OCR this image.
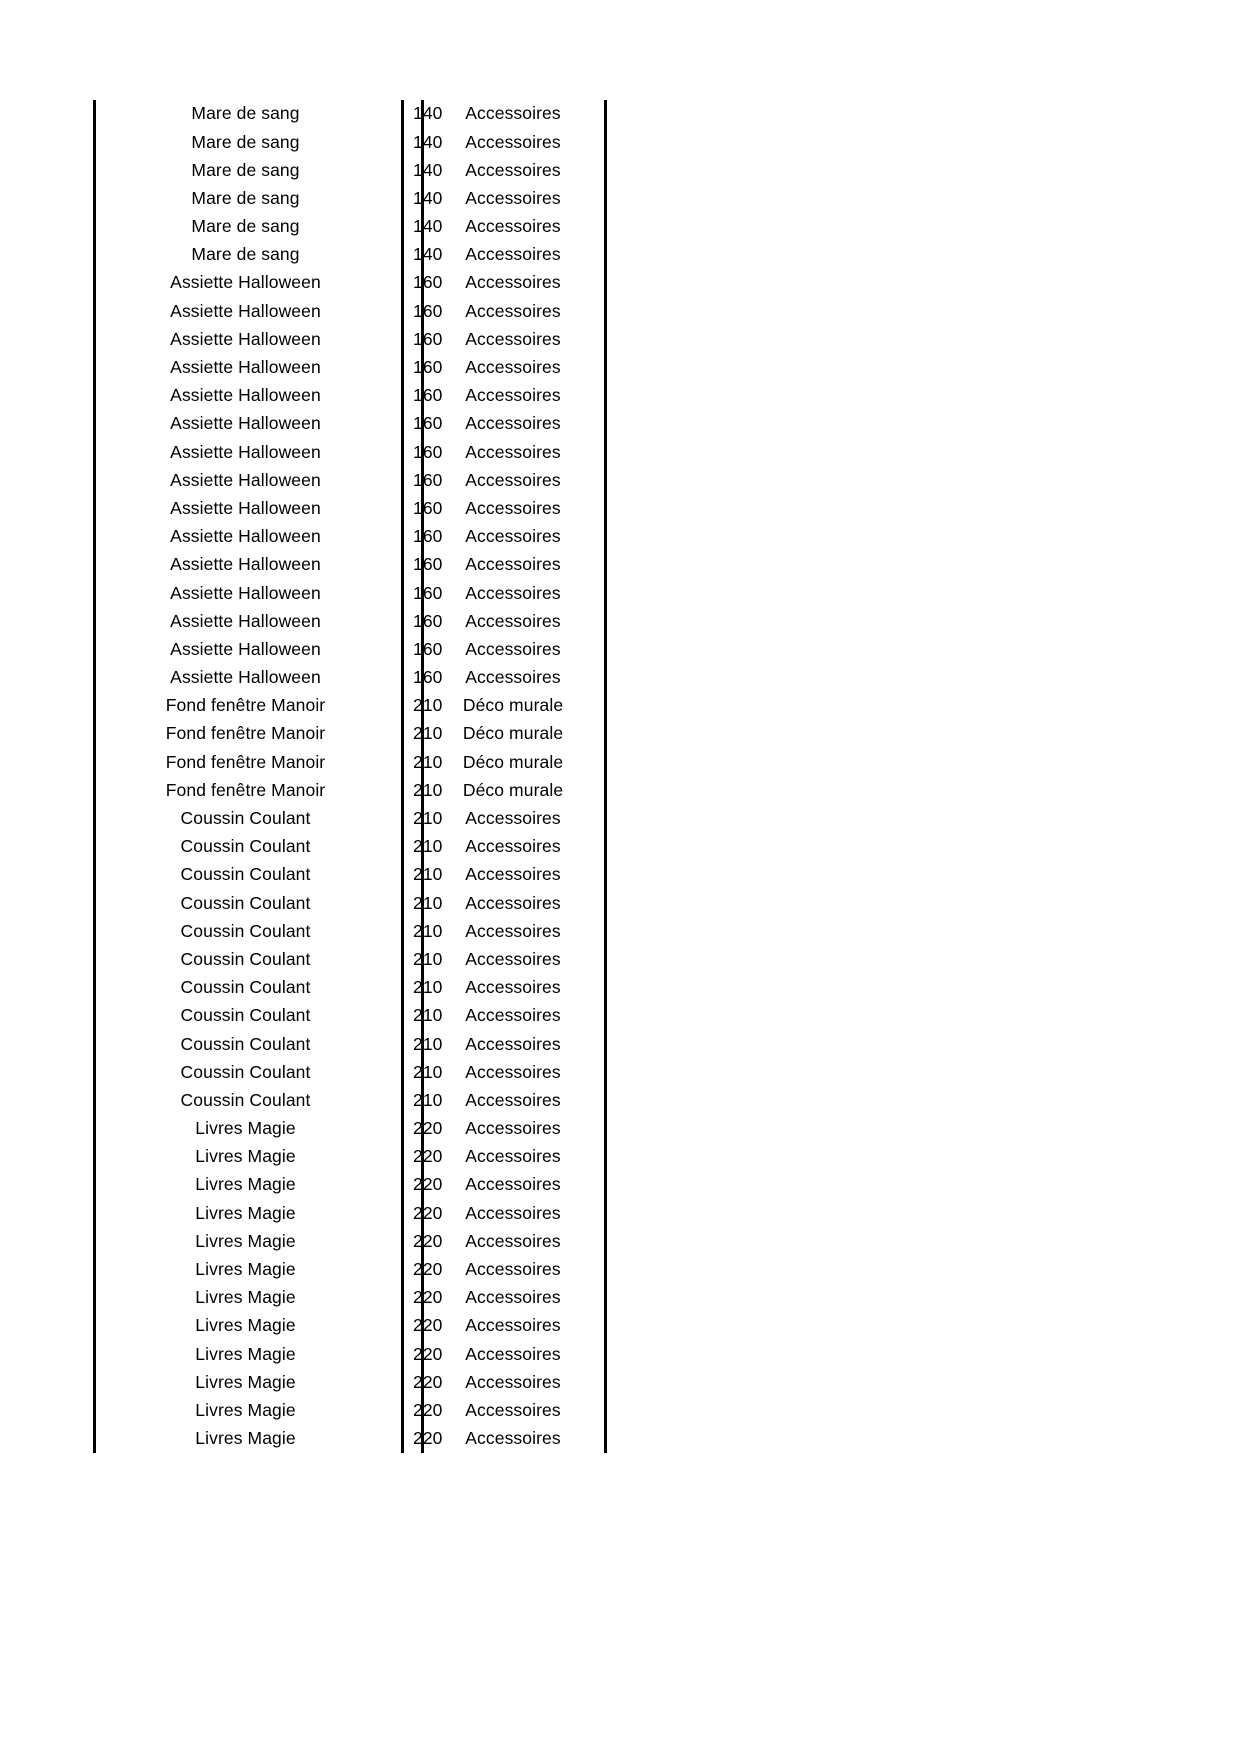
Mare de sang	140	Accessoires
Mare de sang	140	Accessoires
Mare de sang	140	Accessoires
Mare de sang	140	Accessoires
Mare de sang	140	Accessoires
Mare de sang	140	Accessoires
Assiette Halloween	160	Accessoires
Assiette Halloween	160	Accessoires
Assiette Halloween	160	Accessoires
Assiette Halloween	160	Accessoires
Assiette Halloween	160	Accessoires
Assiette Halloween	160	Accessoires
Assiette Halloween	160	Accessoires
Assiette Halloween	160	Accessoires
Assiette Halloween	160	Accessoires
Assiette Halloween	160	Accessoires
Assiette Halloween	160	Accessoires
Assiette Halloween	160	Accessoires
Assiette Halloween	160	Accessoires
Assiette Halloween	160	Accessoires
Assiette Halloween	160	Accessoires
Fond fenêtre Manoir	210	Déco murale
Fond fenêtre Manoir	210	Déco murale
Fond fenêtre Manoir	210	Déco murale
Fond fenêtre Manoir	210	Déco murale
Coussin Coulant	210	Accessoires
Coussin Coulant	210	Accessoires
Coussin Coulant	210	Accessoires
Coussin Coulant	210	Accessoires
Coussin Coulant	210	Accessoires
Coussin Coulant	210	Accessoires
Coussin Coulant	210	Accessoires
Coussin Coulant	210	Accessoires
Coussin Coulant	210	Accessoires
Coussin Coulant	210	Accessoires
Coussin Coulant	210	Accessoires
Livres Magie	220	Accessoires
Livres Magie	220	Accessoires
Livres Magie	220	Accessoires
Livres Magie	220	Accessoires
Livres Magie	220	Accessoires
Livres Magie	220	Accessoires
Livres Magie	220	Accessoires
Livres Magie	220	Accessoires
Livres Magie	220	Accessoires
Livres Magie	220	Accessoires
Livres Magie	220	Accessoires
Livres Magie	220	Accessoires
